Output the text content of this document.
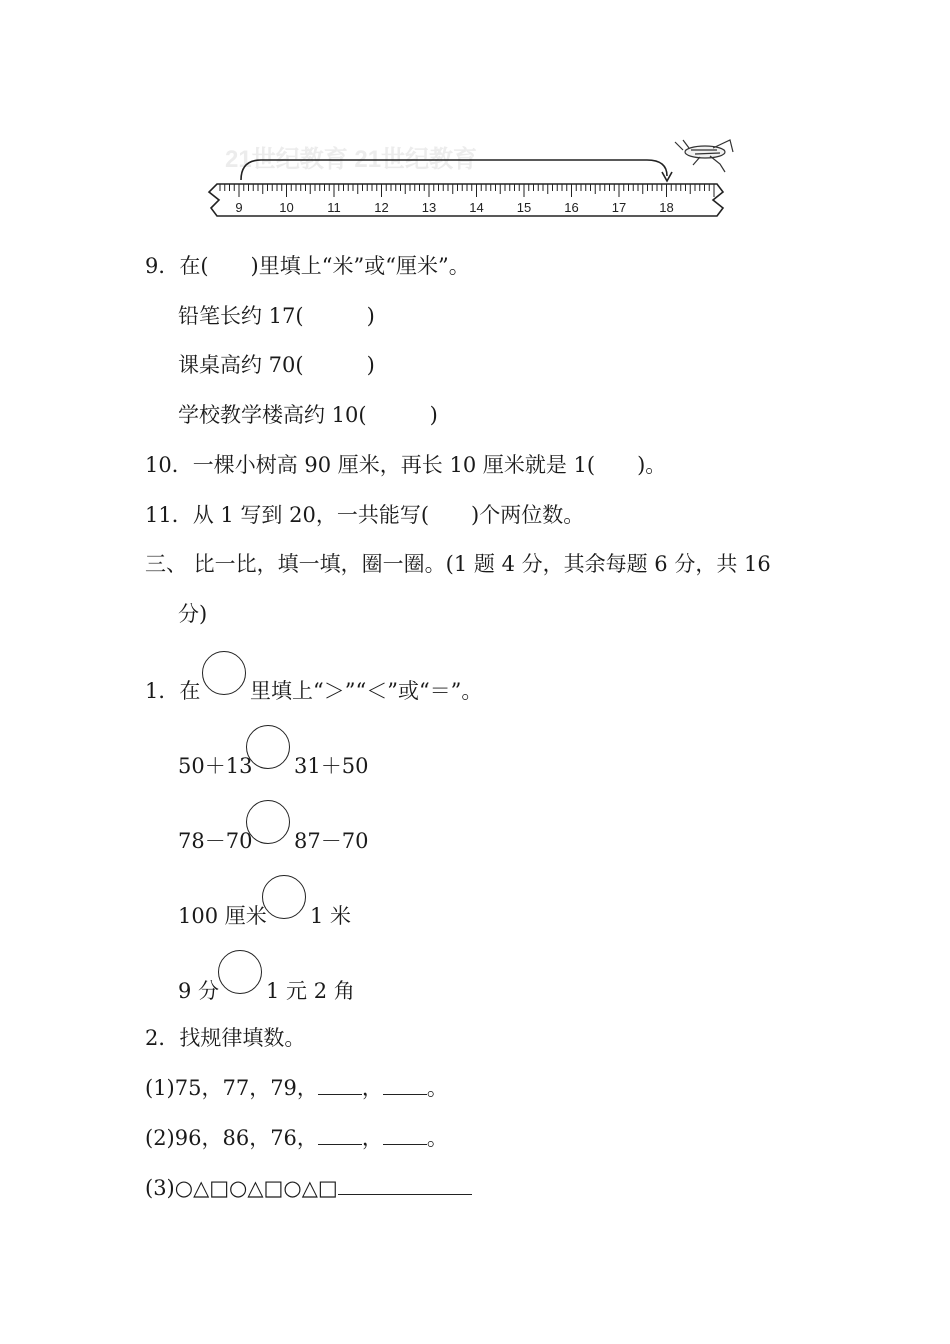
21世纪教育 21世纪教育
9	10	11	12	13	14	15	16	17	18
9．在(　　)里填上“米”或“厘米”。
铅笔长约 17(　　　)
课桌高约 70(　　　)
学校教学楼高约 10(　　　)
10．一棵小树高 90 厘米，再长 10 厘米就是 1(　　)。
11．从 1 写到 20，一共能写(　　)个两位数。
三、 比一比，填一填，圈一圈。(1 题 4 分，其余每题 6 分，共 16
分)
1．在 里填上“＞”“＜”或“＝”。
50＋13 31＋50
78－70 87－70
100 厘米 1 米
9 分 1 元 2 角
2．找规律填数。
(1)75，77，79， ， 。
(2)96，86，76， ， 。
(3)○△□○△□○△□
